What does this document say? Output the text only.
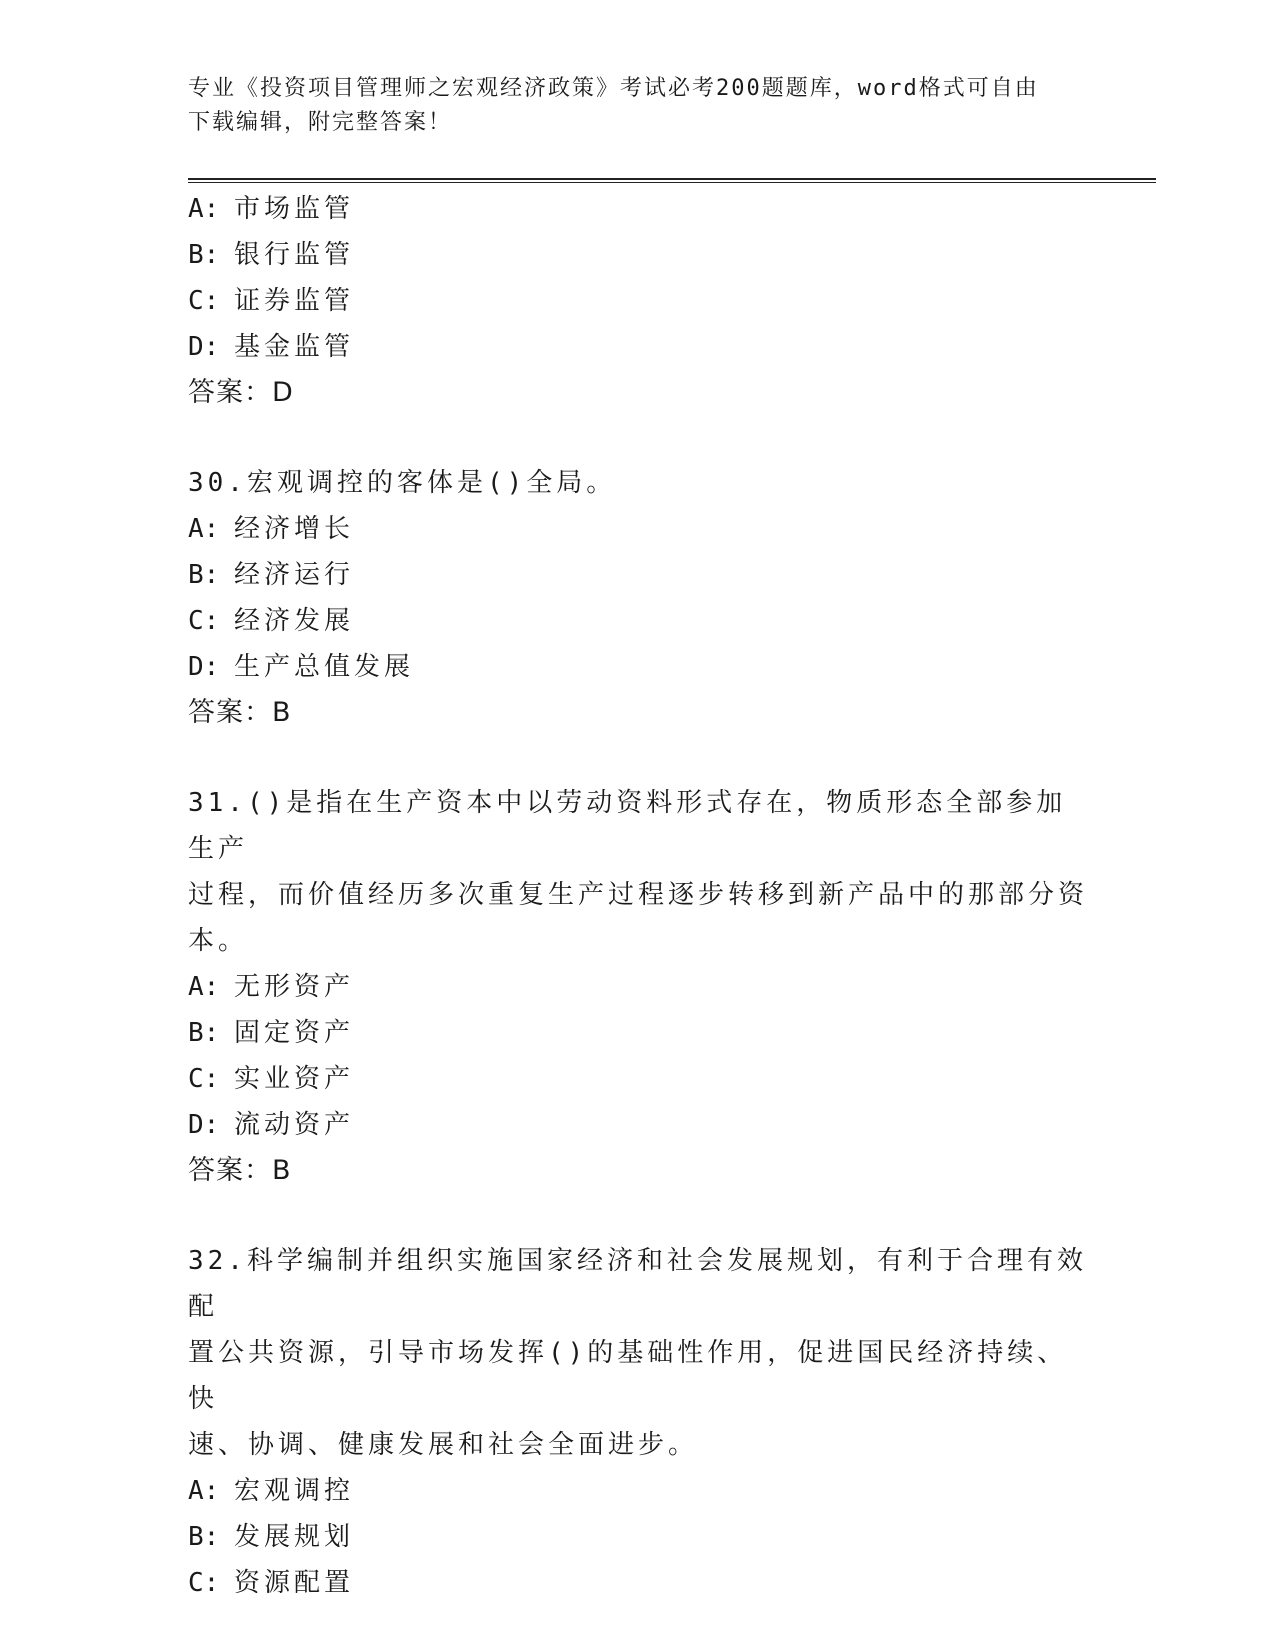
专业《投资项目管理师之宏观经济政策》考试必考200题题库，word格式可自由
下载编辑，附完整答案！
A: 市场监管
B: 银行监管
C: 证券监管
D: 基金监管
答案：D
30.宏观调控的客体是()全局。
A: 经济增长
B: 经济运行
C: 经济发展
D: 生产总值发展
答案：B
31.()是指在生产资本中以劳动资料形式存在，物质形态全部参加生产
过程，而价值经历多次重复生产过程逐步转移到新产品中的那部分资
本。
A: 无形资产
B: 固定资产
C: 实业资产
D: 流动资产
答案：B
32.科学编制并组织实施国家经济和社会发展规划，有利于合理有效配
置公共资源，引导市场发挥()的基础性作用，促进国民经济持续、快
速、协调、健康发展和社会全面进步。
A: 宏观调控
B: 发展规划
C: 资源配置
